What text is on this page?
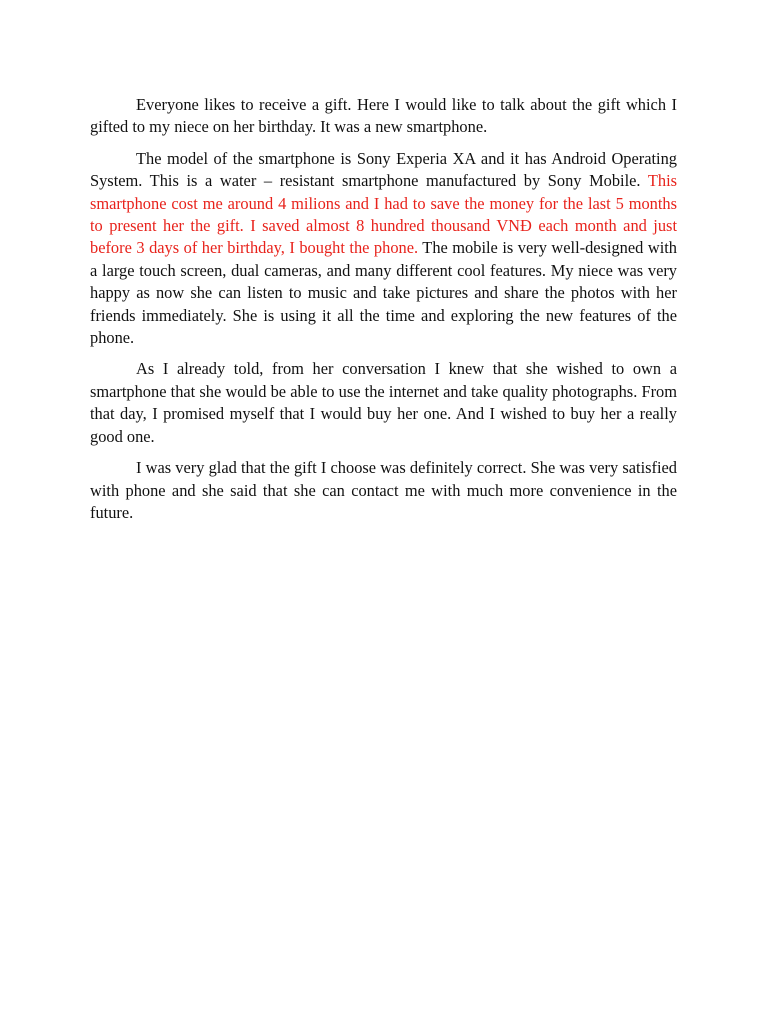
Everyone likes to receive a gift. Here I would like to talk about the gift which I gifted to my niece on her birthday. It was a new smartphone.

The model of the smartphone is Sony Experia XA and it has Android Operating System. This is a water – resistant smartphone manufactured by Sony Mobile. This smartphone cost me around 4 milions and I had to save the money for the last 5 months to present her the gift. I saved almost 8 hundred thousand VNĐ each month and just before 3 days of her birthday, I bought the phone. The mobile is very well-designed with a large touch screen, dual cameras, and many different cool features. My niece was very happy as now she can listen to music and take pictures and share the photos with her friends immediately. She is using it all the time and exploring the new features of the phone.

As I already told, from her conversation I knew that she wished to own a smartphone that she would be able to use the internet and take quality photographs. From that day, I promised myself that I would buy her one. And I wished to buy her a really good one.

I was very glad that the gift I choose was definitely correct. She was very satisfied with phone and she said that she can contact me with much more convenience in the future.
